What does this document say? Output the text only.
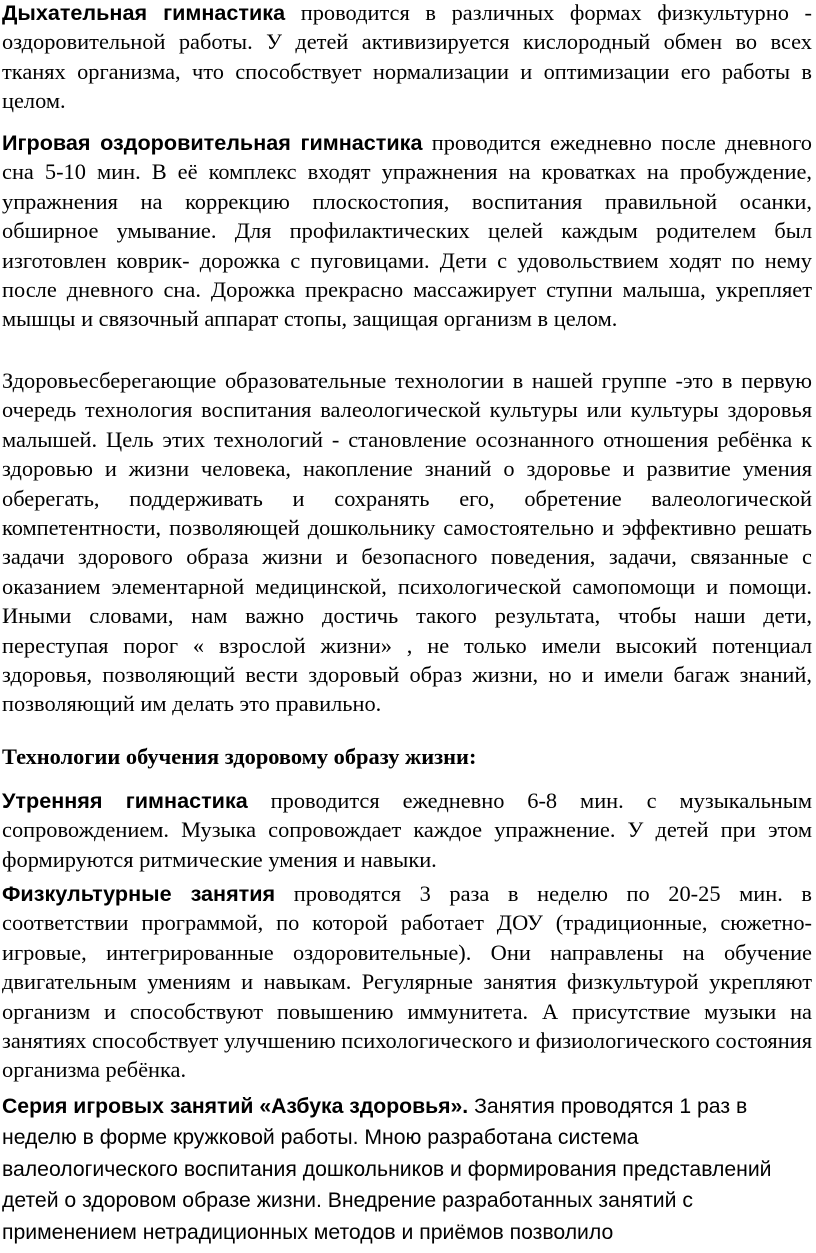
Дыхательная гимнастика проводится в различных формах физкультурно - оздоровительной работы. У детей активизируется кислородный обмен во всех тканях организма, что способствует нормализации и оптимизации его работы в целом.

Игровая оздоровительная гимнастика проводится ежедневно после дневного сна 5-10 мин. В её комплекс входят упражнения на кроватках на пробуждение, упражнения на коррекцию плоскостопия, воспитания правильной осанки, обширное умывание. Для профилактических целей каждым родителем был изготовлен коврик- дорожка с пуговицами. Дети с удовольствием ходят по нему после дневного сна. Дорожка прекрасно массажирует ступни малыша, укрепляет мышцы и связочный аппарат стопы, защищая организм в целом.

Здоровьесберегающие образовательные технологии в нашей группе -это в первую очередь технология воспитания валеологической культуры или культуры здоровья малышей. Цель этих технологий - становление осознанного отношения ребёнка к здоровью и жизни человека, накопление знаний о здоровье и развитие умения оберегать, поддерживать и сохранять его, обретение валеологической компетентности, позволяющей дошкольнику самостоятельно и эффективно решать задачи здорового образа жизни и безопасного поведения, задачи, связанные с оказанием элементарной медицинской, психологической самопомощи и помощи. Иными словами, нам важно достичь такого результата, чтобы наши дети, переступая порог « взрослой жизни» , не только имели высокий потенциал здоровья, позволяющий вести здоровый образ жизни, но и имели багаж знаний, позволяющий им делать это правильно.

Технологии обучения здоровому образу жизни:

Утренняя гимнастика проводится ежедневно 6-8 мин. с музыкальным сопровождением. Музыка сопровождает каждое упражнение. У детей при этом формируются ритмические умения и навыки.

Физкультурные занятия проводятся 3 раза в неделю по 20-25 мин. в соответствии программой, по которой работает ДОУ (традиционные, сюжетно- игровые, интегрированные оздоровительные). Они направлены на обучение двигательным умениям и навыкам. Регулярные занятия физкультурой укрепляют организм и способствуют повышению иммунитета. А присутствие музыки на занятиях способствует улучшению психологического и физиологического состояния организма ребёнка.

Серия игровых занятий «Азбука здоровья». Занятия проводятся 1 раз в неделю в форме кружковой работы. Мною разработана система валеологического воспитания дошкольников и формирования представлений детей о здоровом образе жизни. Внедрение разработанных занятий с применением нетрадиционных методов и приёмов позволило
